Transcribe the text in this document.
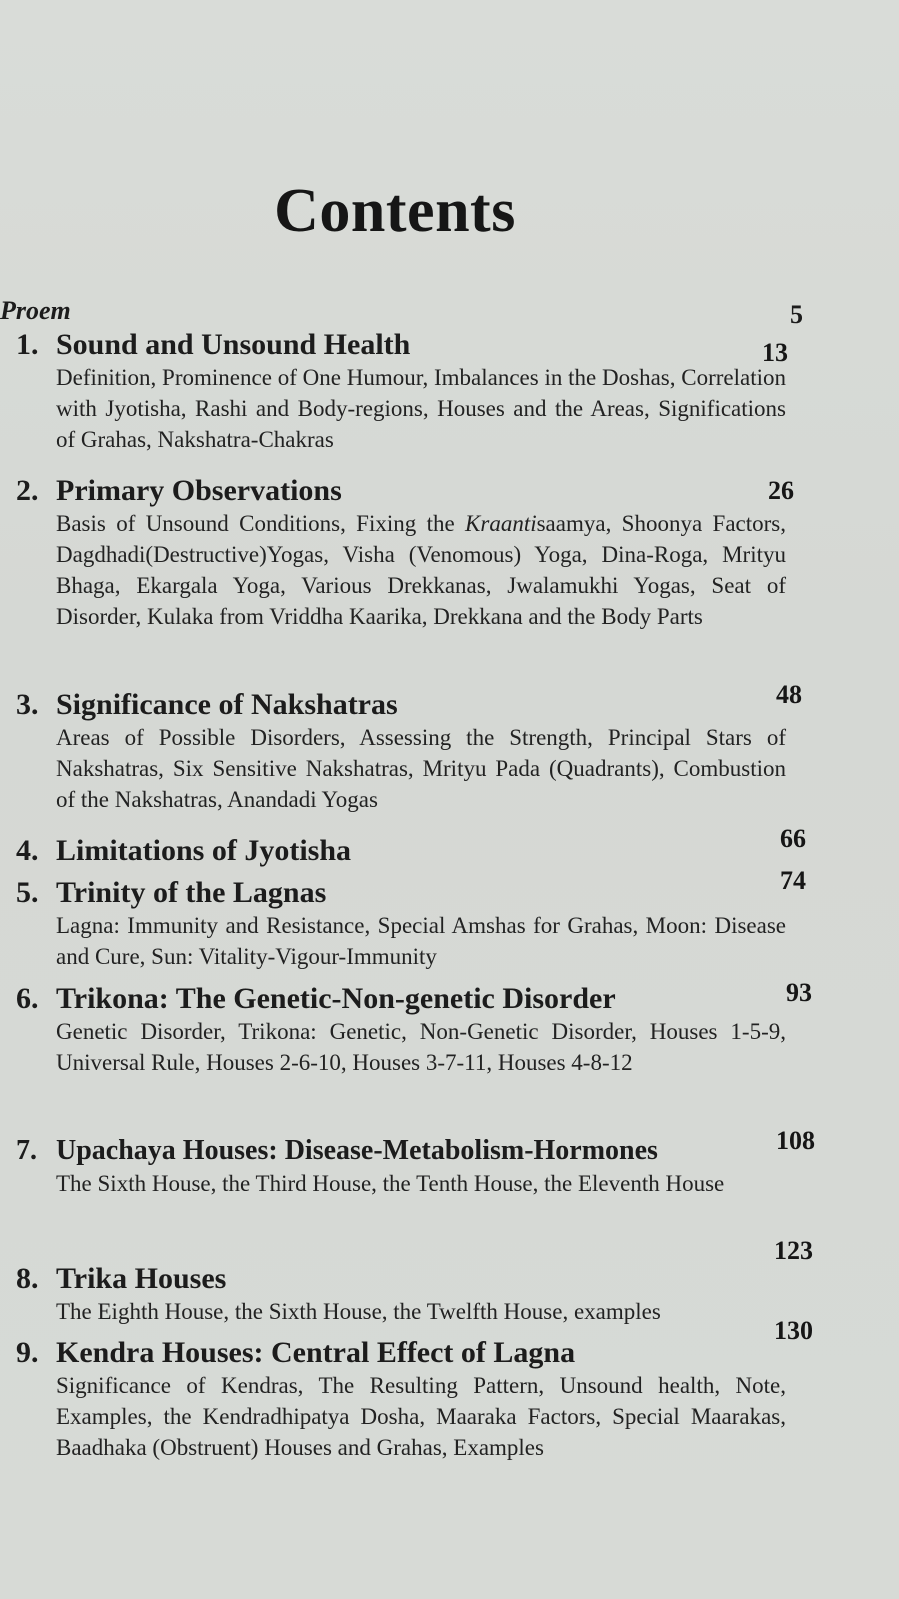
Contents
Proem	5
1. Sound and Unsound Health
Definition, Prominence of One Humour, Imbalances in the Doshas, Correlation with Jyotisha, Rashi and Body-regions, Houses and the Areas, Significations of Grahas, Nakshatra-Chakras
13
2. Primary Observations
Basis of Unsound Conditions, Fixing the Kraantisaamya, Shoonya Factors, Dagdhadi(Destructive)Yogas, Visha (Venomous) Yoga, Dina-Roga, Mrityu Bhaga, Ekargala Yoga, Various Drekkanas, Jwalamukhi Yogas, Seat of Disorder, Kulaka from Vriddha Kaarika, Drekkana and the Body Parts
26
3. Significance of Nakshatras
Areas of Possible Disorders, Assessing the Strength, Principal Stars of Nakshatras, Six Sensitive Nakshatras, Mrityu Pada (Quadrants), Combustion of the Nakshatras, Anandadi Yogas
48
4. Limitations of Jyotisha	66
5. Trinity of the Lagnas
Lagna: Immunity and Resistance, Special Amshas for Grahas, Moon: Disease and Cure, Sun: Vitality-Vigour-Immunity
74
6. Trikona: The Genetic-Non-genetic Disorder
Genetic Disorder, Trikona: Genetic, Non-Genetic Disorder, Houses 1-5-9, Universal Rule, Houses 2-6-10, Houses 3-7-11, Houses 4-8-12
93
7. Upachaya Houses: Disease-Metabolism-Hormones
The Sixth House, the Third House, the Tenth House, the Eleventh House
108
8. Trika Houses
The Eighth House, the Sixth House, the Twelfth House, examples
123
9. Kendra Houses: Central Effect of Lagna
Significance of Kendras, The Resulting Pattern, Unsound health, Note, Examples, the Kendradhipatya Dosha, Maaraka Factors, Special Maarakas, Baadhaka (Obstruent) Houses and Grahas, Examples
130
